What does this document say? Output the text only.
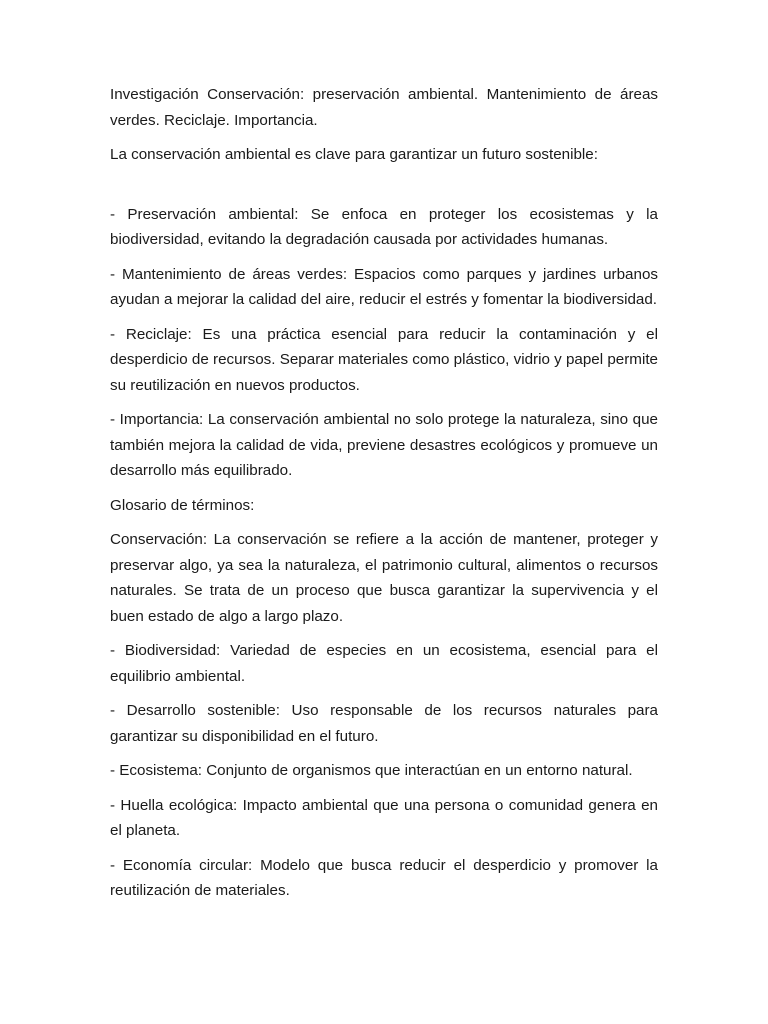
Investigación Conservación: preservación ambiental. Mantenimiento de áreas verdes. Reciclaje. Importancia.

La conservación ambiental es clave para garantizar un futuro sostenible:

- Preservación ambiental: Se enfoca en proteger los ecosistemas y la biodiversidad, evitando la degradación causada por actividades humanas.

- Mantenimiento de áreas verdes: Espacios como parques y jardines urbanos ayudan a mejorar la calidad del aire, reducir el estrés y fomentar la biodiversidad.

- Reciclaje: Es una práctica esencial para reducir la contaminación y el desperdicio de recursos. Separar materiales como plástico, vidrio y papel permite su reutilización en nuevos productos.

- Importancia: La conservación ambiental no solo protege la naturaleza, sino que también mejora la calidad de vida, previene desastres ecológicos y promueve un desarrollo más equilibrado.

Glosario de términos:

Conservación: La conservación se refiere a la acción de mantener, proteger y preservar algo, ya sea la naturaleza, el patrimonio cultural, alimentos o recursos naturales. Se trata de un proceso que busca garantizar la supervivencia y el buen estado de algo a largo plazo.

- Biodiversidad: Variedad de especies en un ecosistema, esencial para el equilibrio ambiental.

- Desarrollo sostenible: Uso responsable de los recursos naturales para garantizar su disponibilidad en el futuro.

- Ecosistema: Conjunto de organismos que interactúan en un entorno natural.

- Huella ecológica: Impacto ambiental que una persona o comunidad genera en el planeta.

- Economía circular: Modelo que busca reducir el desperdicio y promover la reutilización de materiales.
